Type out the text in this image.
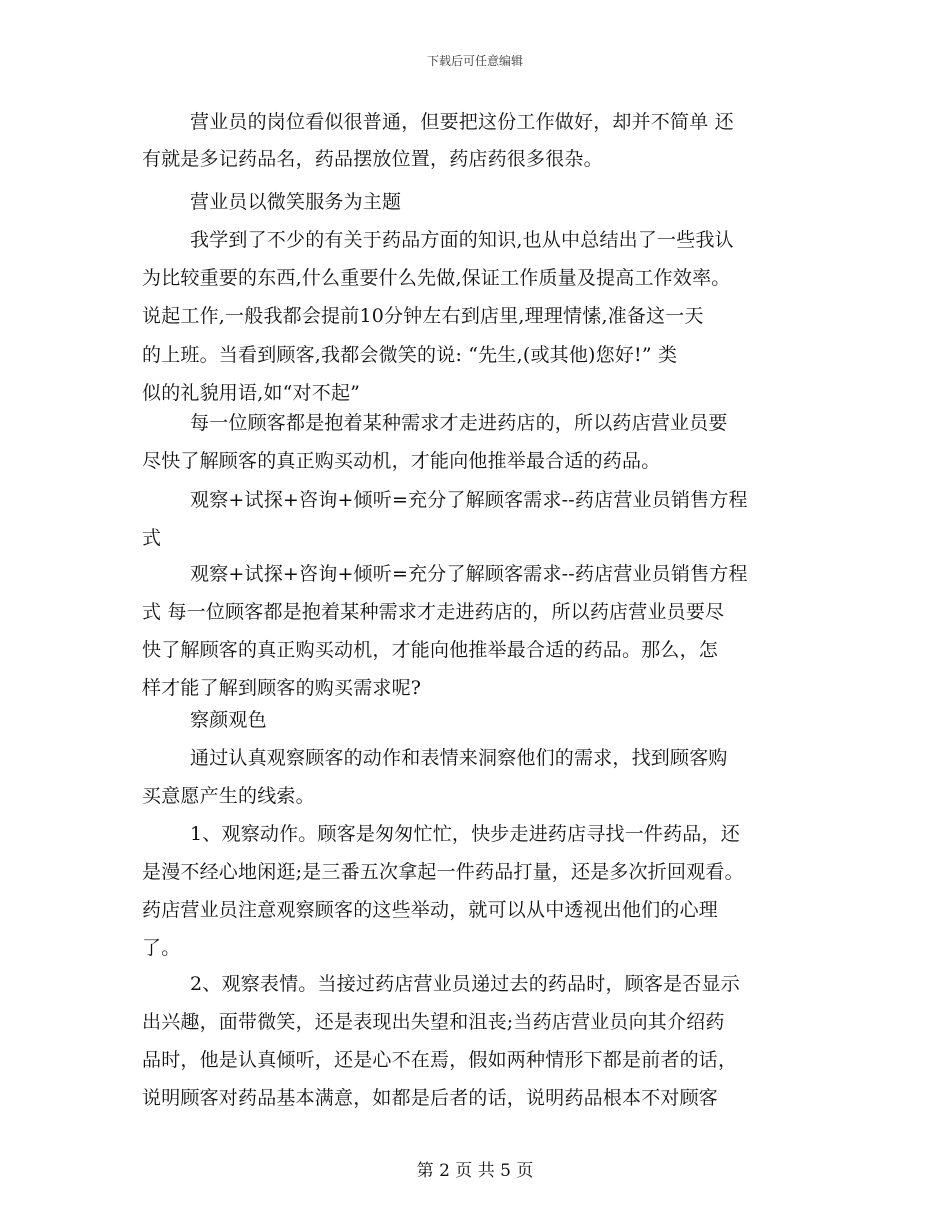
下载后可任意编辑
营业员的岗位看似很普通，但要把这份工作做好，却并不简单 还
有就是多记药品名，药品摆放位置，药店药很多很杂。
营业员以微笑服务为主题
我学到了不少的有关于药品方面的知识,也从中总结出了一些我认
为比较重要的东西,什么重要什么先做,保证工作质量及提高工作效率。
说起工作,一般我都会提前10分钟左右到店里,理理情愫,准备这一天
的上班。当看到顾客,我都会微笑的说: “先生,(或其他)您好!” 类
似的礼貌用语,如“对不起”
每一位顾客都是抱着某种需求才走进药店的，所以药店营业员要
尽快了解顾客的真正购买动机，才能向他推举最合适的药品。
观察+试探+咨询+倾听=充分了解顾客需求--药店营业员销售方程
式
观察+试探+咨询+倾听=充分了解顾客需求--药店营业员销售方程
式 每一位顾客都是抱着某种需求才走进药店的，所以药店营业员要尽
快了解顾客的真正购买动机，才能向他推举最合适的药品。那么，怎
样才能了解到顾客的购买需求呢?
察颜观色
通过认真观察顾客的动作和表情来洞察他们的需求，找到顾客购
买意愿产生的线索。
1、观察动作。顾客是匆匆忙忙，快步走进药店寻找一件药品，还
是漫不经心地闲逛;是三番五次拿起一件药品打量，还是多次折回观看。
药店营业员注意观察顾客的这些举动，就可以从中透视出他们的心理
了。
2、观察表情。当接过药店营业员递过去的药品时，顾客是否显示
出兴趣，面带微笑，还是表现出失望和沮丧;当药店营业员向其介绍药
品时，他是认真倾听，还是心不在焉，假如两种情形下都是前者的话，
说明顾客对药品基本满意，如都是后者的话，说明药品根本不对顾客
第 2 页 共 5 页
